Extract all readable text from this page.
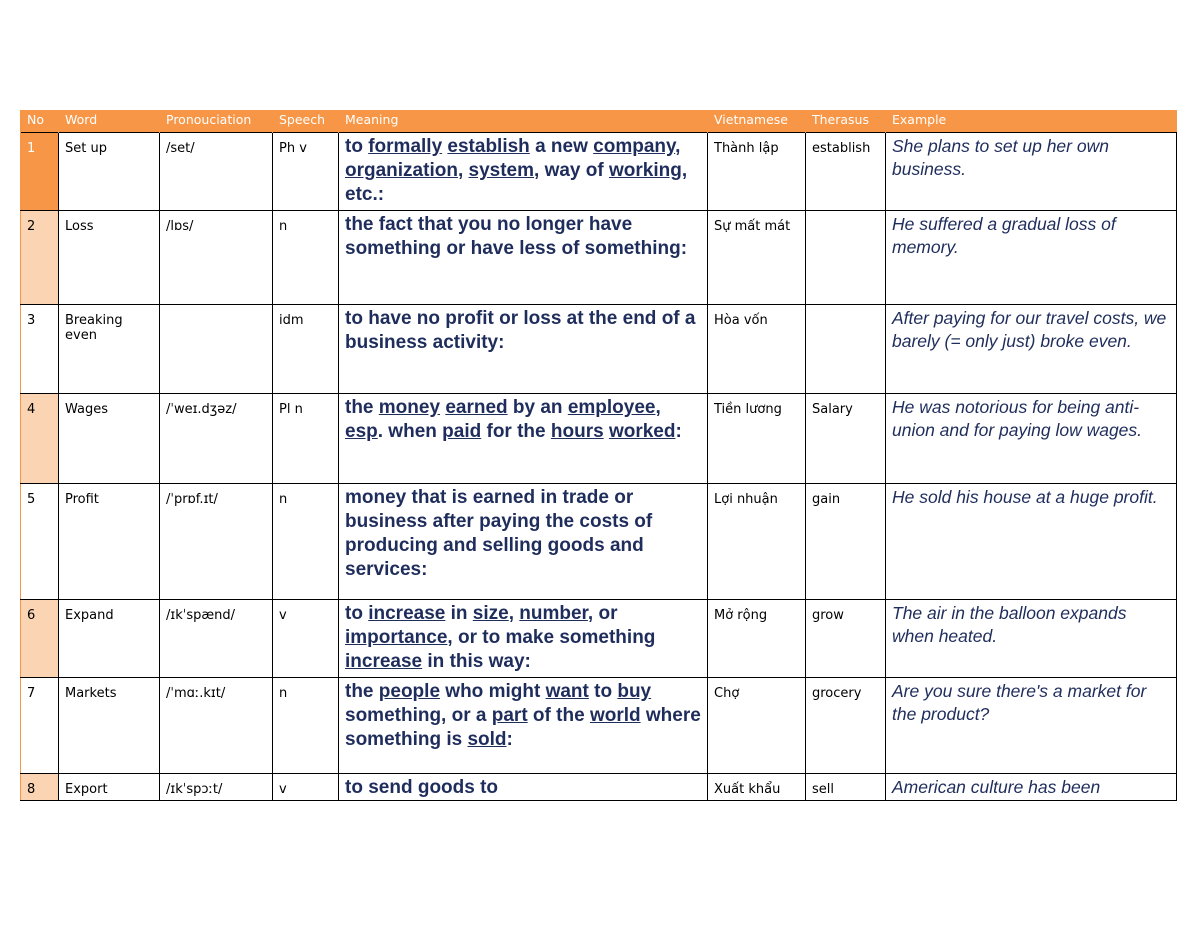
No	Word	Pronouciation	Speech	Meaning	Vietnamese	Therasus	Example
1	Set up	/set/	Ph v	to formally establish a new company, organization, system, way of working, etc.:	Thành lập	establish	She plans to set up her own business.
2	Loss	/lɒs/	n	the fact that you no longer have something or have less of something:	Sự mất mát		He suffered a gradual loss of memory.
3	Breaking even		idm	to have no profit or loss at the end of a business activity:	Hòa vốn		After paying for our travel costs, we barely (= only just) broke even.
4	Wages	/ˈweɪ.dʒəz/	Pl n	the money earned by an employee, esp. when paid for the hours worked:	Tiền lương	Salary	He was notorious for being anti-union and for paying low wages.
5	Profit	/ˈprɒf.ɪt/	n	money that is earned in trade or business after paying the costs of producing and selling goods and services:	Lợi nhuận	gain	He sold his house at a huge profit.
6	Expand	/ɪkˈspænd/	v	to increase in size, number, or importance, or to make something increase in this way:	Mở rộng	grow	The air in the balloon expands when heated.
7	Markets	/ˈmɑː.kɪt/	n	the people who might want to buy something, or a part of the world where something is sold:	Chợ	grocery	Are you sure there's a market for the product?
8	Export	/ɪkˈspɔːt/	v	to send goods to	Xuất khẩu	sell	American culture has been
